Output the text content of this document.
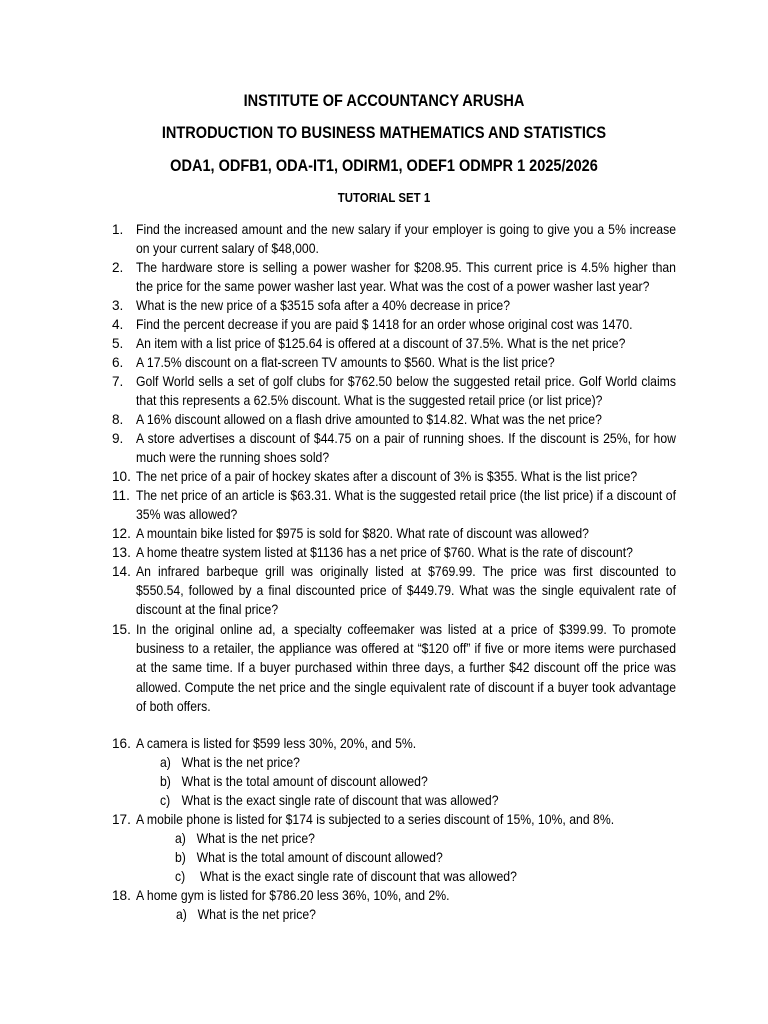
INSTITUTE OF ACCOUNTANCY ARUSHA
INTRODUCTION TO BUSINESS MATHEMATICS AND STATISTICS
ODA1, ODFB1, ODA-IT1, ODIRM1, ODEF1 ODMPR 1 2025/2026
TUTORIAL SET 1
1. Find the increased amount and the new salary if your employer is going to give you a 5% increase on your current salary of $48,000.
2. The hardware store is selling a power washer for $208.95. This current price is 4.5% higher than the price for the same power washer last year. What was the cost of a power washer last year?
3. What is the new price of a $3515 sofa after a 40% decrease in price?
4. Find the percent decrease if you are paid $ 1418 for an order whose original cost was 1470.
5. An item with a list price of $125.64 is offered at a discount of 37.5%. What is the net price?
6. A 17.5% discount on a flat-screen TV amounts to $560. What is the list price?
7. Golf World sells a set of golf clubs for $762.50 below the suggested retail price. Golf World claims that this represents a 62.5% discount. What is the suggested retail price (or list price)?
8. A 16% discount allowed on a flash drive amounted to $14.82. What was the net price?
9. A store advertises a discount of $44.75 on a pair of running shoes. If the discount is 25%, for how much were the running shoes sold?
10. The net price of a pair of hockey skates after a discount of 3% is $355. What is the list price?
11. The net price of an article is $63.31. What is the suggested retail price (the list price) if a discount of 35% was allowed?
12. A mountain bike listed for $975 is sold for $820. What rate of discount was allowed?
13. A home theatre system listed at $1136 has a net price of $760. What is the rate of discount?
14. An infrared barbeque grill was originally listed at $769.99. The price was first discounted to $550.54, followed by a final discounted price of $449.79. What was the single equivalent rate of discount at the final price?
15. In the original online ad, a specialty coffeemaker was listed at a price of $399.99. To promote business to a retailer, the appliance was offered at “$120 off” if five or more items were purchased at the same time. If a buyer purchased within three days, a further $42 discount off the price was allowed. Compute the net price and the single equivalent rate of discount if a buyer took advantage of both offers.
16. A camera is listed for $599 less 30%, 20%, and 5%.
a) What is the net price?
b) What is the total amount of discount allowed?
c) What is the exact single rate of discount that was allowed?
17. A mobile phone is listed for $174 is subjected to a series discount of 15%, 10%, and 8%.
a) What is the net price?
b) What is the total amount of discount allowed?
c) What is the exact single rate of discount that was allowed?
18. A home gym is listed for $786.20 less 36%, 10%, and 2%.
a) What is the net price?
